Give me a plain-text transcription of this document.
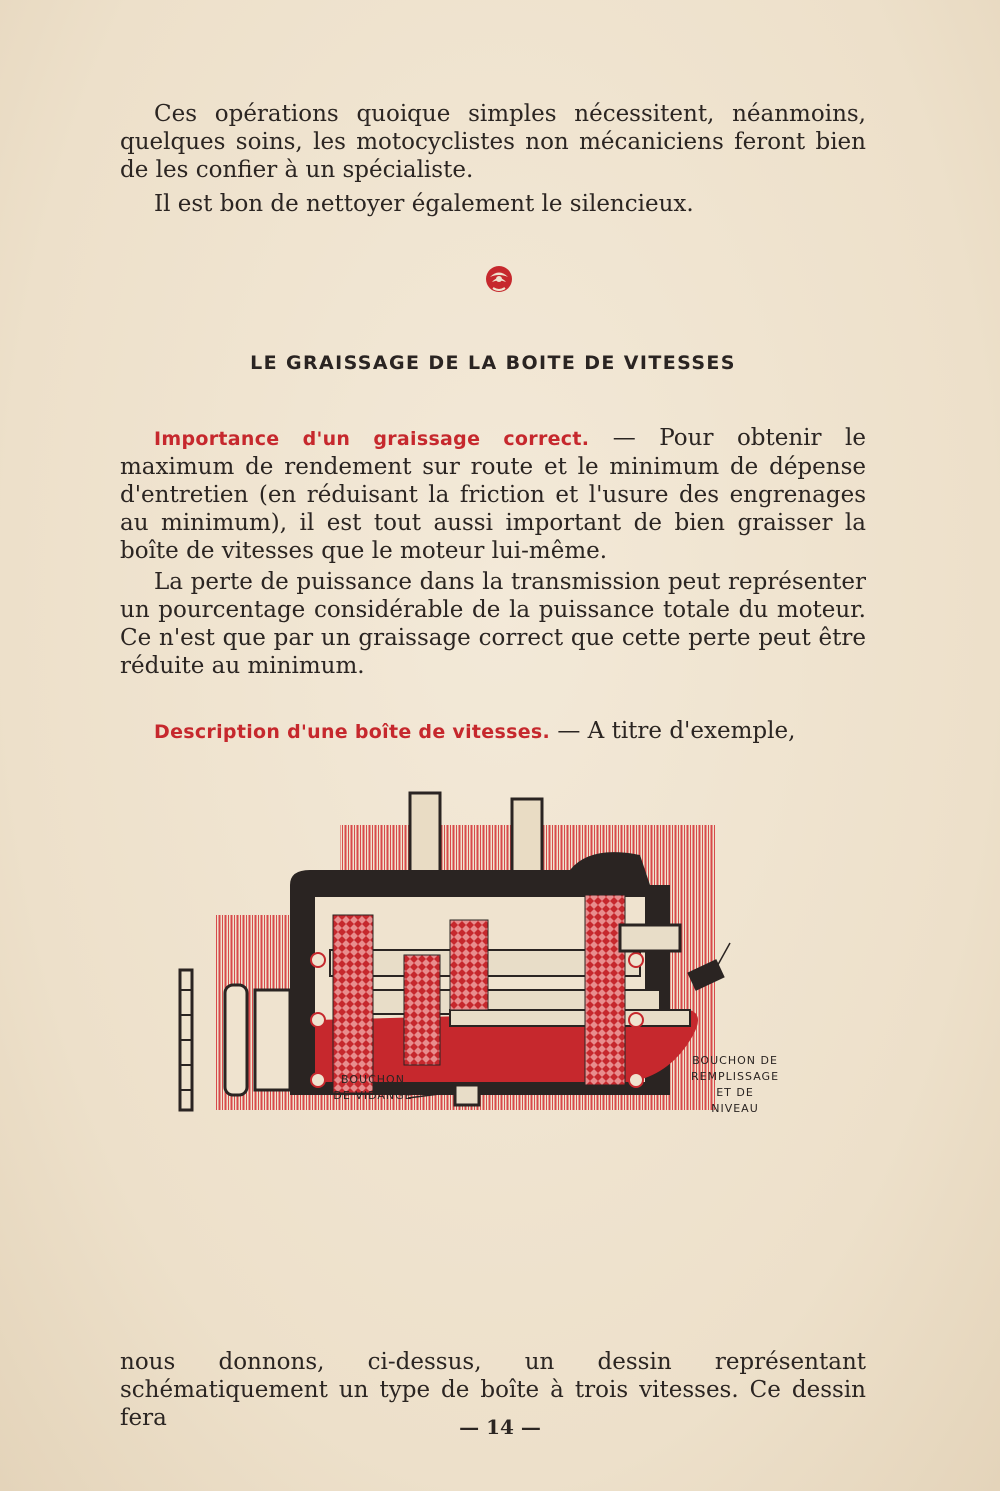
Ces opérations quoique simples nécessitent, néanmoins, quelques soins, les motocyclistes non mécaniciens feront bien de les confier à un spécialiste.

Il est bon de nettoyer également le silencieux.

LE GRAISSAGE DE LA BOITE DE VITESSES

Importance d'un graissage correct. — Pour obtenir le maximum de rendement sur route et le minimum de dépense d'entretien (en réduisant la friction et l'usure des engrenages au minimum), il est tout aussi important de bien graisser la boîte de vitesses que le moteur lui-même.

La perte de puissance dans la transmission peut représenter un pourcentage considérable de la puissance totale du moteur. Ce n'est que par un graissage correct que cette perte peut être réduite au minimum.

Description d'une boîte de vitesses. — A titre d'exemple,

BOUCHON DE
REMPLISSAGE
ET DE
NIVEAU
BOUCHON
DE VIDANGE

nous donnons, ci-dessus, un dessin représentant schématiquement un type de boîte à trois vitesses. Ce dessin fera	— 14 —
